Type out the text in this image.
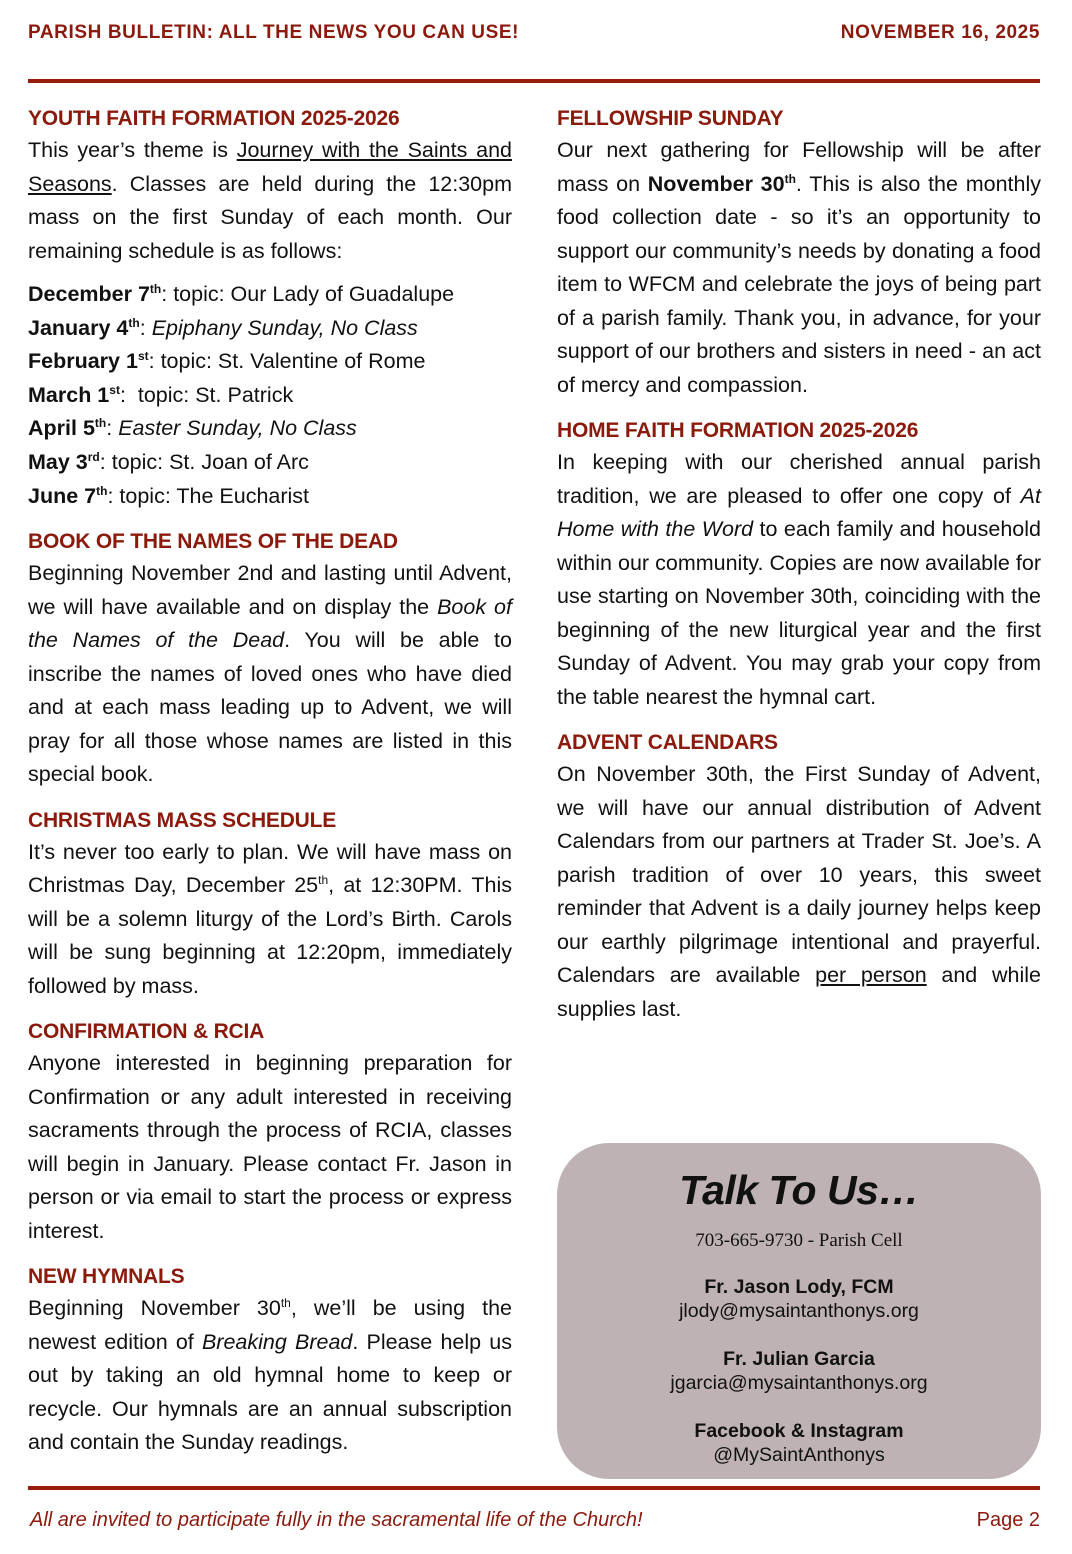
PARISH BULLETIN: ALL THE NEWS YOU CAN USE!	NOVEMBER 16, 2025
YOUTH FAITH FORMATION 2025-2026

This year’s theme is Journey with the Saints and Seasons. Classes are held during the 12:30pm mass on the first Sunday of each month. Our remaining schedule is as follows:

December 7th: topic: Our Lady of Guadalupe
January 4th: Epiphany Sunday, No Class
February 1st: topic: St. Valentine of Rome
March 1st:  topic: St. Patrick
April 5th: Easter Sunday, No Class
May 3rd: topic: St. Joan of Arc
June 7th: topic: The Eucharist
BOOK OF THE NAMES OF THE DEAD

Beginning November 2nd and lasting until Advent, we will have available and on display the Book of the Names of the Dead. You will be able to inscribe the names of loved ones who have died and at each mass leading up to Advent, we will pray for all those whose names are listed in this special book.

CHRISTMAS MASS SCHEDULE

It’s never too early to plan. We will have mass on Christmas Day, December 25th, at 12:30PM. This will be a solemn liturgy of the Lord’s Birth. Carols will be sung beginning at 12:20pm, immediately followed by mass.

CONFIRMATION & RCIA

Anyone interested in beginning preparation for Confirmation or any adult interested in receiving sacraments through the process of RCIA, classes will begin in January. Please contact Fr. Jason in person or via email to start the process or express interest.

NEW HYMNALS

Beginning November 30th, we’ll be using the newest edition of Breaking Bread. Please help us out by taking an old hymnal home to keep or recycle. Our hymnals are an annual subscription and contain the Sunday readings.

FELLOWSHIP SUNDAY

Our next gathering for Fellowship will be after mass on November 30th. This is also the monthly food collection date - so it’s an opportunity to support our community’s needs by donating a food item to WFCM and celebrate the joys of being part of a parish family. Thank you, in advance, for your support of our brothers and sisters in need - an act of mercy and compassion.

HOME FAITH FORMATION 2025-2026

In keeping with our cherished annual parish tradition, we are pleased to offer one copy of At Home with the Word to each family and household within our community. Copies are now available for use starting on November 30th, coinciding with the beginning of the new liturgical year and the first Sunday of Advent. You may grab your copy from the table nearest the hymnal cart.

ADVENT CALENDARS

On November 30th, the First Sunday of Advent, we will have our annual distribution of Advent Calendars from our partners at Trader St. Joe’s. A parish tradition of over 10 years, this sweet reminder that Advent is a daily journey helps keep our earthly pilgrimage intentional and prayerful. Calendars are available per person and while supplies last.

Talk To Us…
703-665-9730 - Parish Cell
Fr. Jason Lody, FCM
jlody@mysaintanthonys.org
Fr. Julian Garcia
jgarcia@mysaintanthonys.org
Facebook & Instagram
@MySaintAnthonys
All are invited to participate fully in the sacramental life of the Church!	Page 2
